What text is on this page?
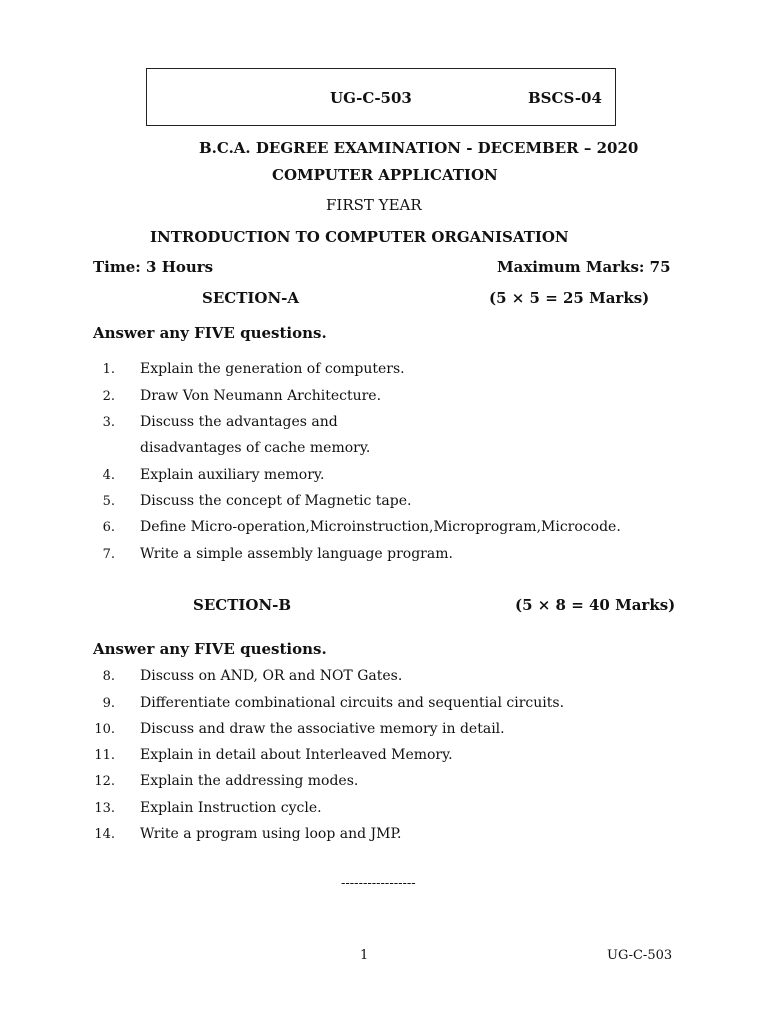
UG-C-503	BSCS-04
B.C.A. DEGREE EXAMINATION - DECEMBER – 2020
COMPUTER APPLICATION
FIRST YEAR
INTRODUCTION TO COMPUTER ORGANISATION
Time: 3 Hours	Maximum Marks: 75
SECTION-A	(5 × 5 = 25 Marks)
Answer any FIVE questions.
1. Explain the generation of computers.
2. Draw Von Neumann Architecture.
3. Discuss the advantages and
disadvantages of cache memory.
4. Explain auxiliary memory.
5. Discuss the concept of Magnetic tape.
6. Define Micro-operation,Microinstruction,Microprogram,Microcode.
7. Write a simple assembly language program.
SECTION-B	(5 × 8 = 40 Marks)
Answer any FIVE questions.
8. Discuss on AND, OR and NOT Gates.
9. Differentiate combinational circuits and sequential circuits.
10. Discuss and draw the associative memory in detail.
11. Explain in detail about Interleaved Memory.
12. Explain the addressing modes.
13. Explain Instruction cycle.
14. Write a program using loop and JMP.
-----------------
1	UG-C-503
